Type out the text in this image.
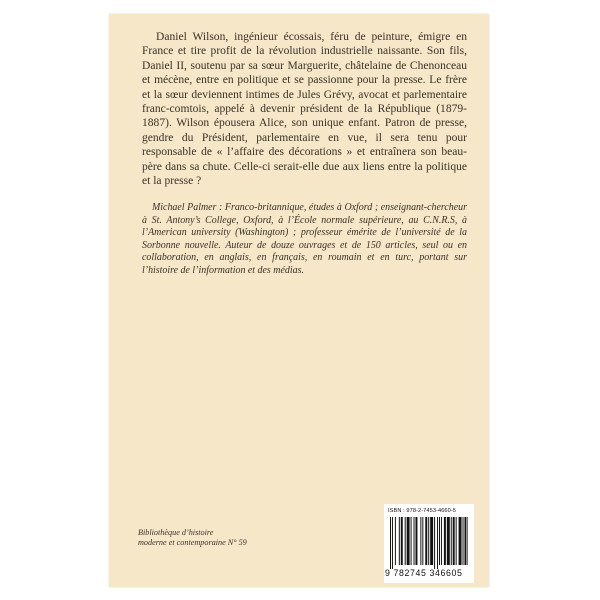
Daniel Wilson, ingénieur écossais, féru de peinture, émigre en France et tire profit de la révolution industrielle naissante. Son fils, Daniel II, soutenu par sa sœur Marguerite, châtelaine de Chenonceau et mécène, entre en politique et se passionne pour la presse. Le frère et la sœur deviennent intimes de Jules Grévy, avocat et parlementaire franc-comtois, appelé à devenir président de la République (1879-1887). Wilson épousera Alice, son unique enfant. Patron de presse, gendre du Président, parlementaire en vue, il sera tenu pour responsable de « l’affaire des décorations » et entraînera son beau-père dans sa chute. Celle-ci serait-elle due aux liens entre la politique et la presse ?

Michael Palmer : Franco-britannique, études à Oxford ; enseignant-chercheur à St. Antony’s College, Oxford, à l’École normale supérieure, au C.N.R.S, à l’American university (Washington) ; professeur émérite de l’université de la Sorbonne nouvelle. Auteur de douze ouvrages et de 150 articles, seul ou en collaboration, en anglais, en français, en roumain et en turc, portant sur l’histoire de l’information et des médias.

Bibliothèque d’histoire
moderne et contemporaine N° 59
ISBN : 978-2-7453-4660-5
9 782745 346605
